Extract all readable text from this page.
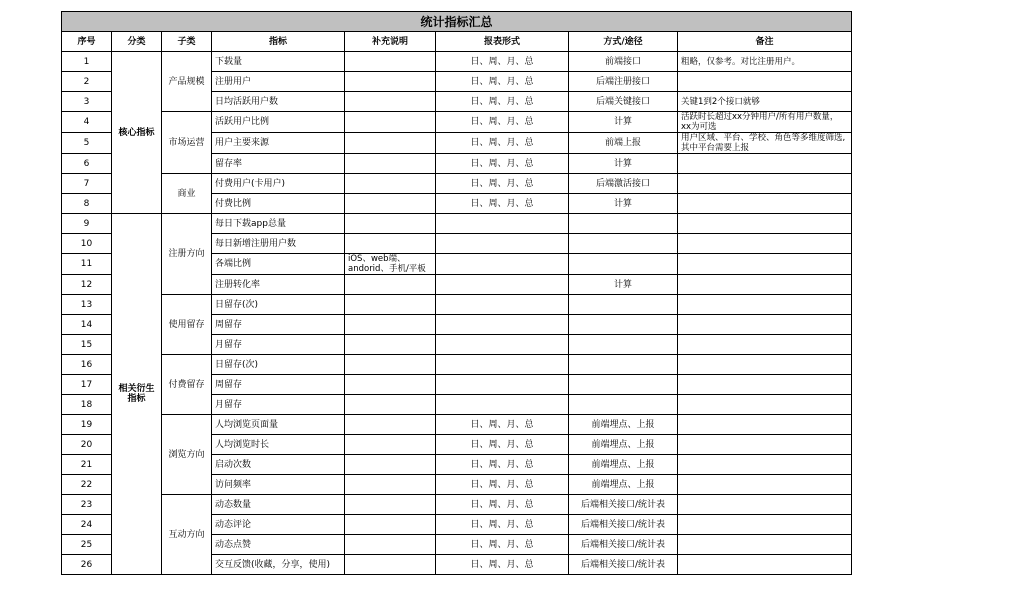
统计指标汇总							
序号	分类	子类	指标	补充说明	报表形式	方式/途径	备注
1	核心指标	产品规模	下载量		日、周、月、总	前端接口	粗略，仅参考。对比注册用户。
2			注册用户		日、周、月、总	后端注册接口	
3			日均活跃用户数		日、周、月、总	后端关键接口	关键1到2个接口就够
4		市场运营	活跃用户比例		日、周、月、总	计算	活跃时长超过xx分钟用户/所有用户数量，xx为可选
5			用户主要来源		日、周、月、总	前端上报	用户区域、平台、学校、角色等多维度筛选,其中平台需要上报
6			留存率		日、周、月、总	计算	
7		商业	付费用户(卡用户)		日、周、月、总	后端激活接口	
8			付费比例		日、周、月、总	计算	
9	相关衍生指标	注册方向	每日下载app总量				
10			每日新增注册用户数				
11			各端比例	iOS、web端、andorid、手机/平板			
12			注册转化率			计算	
13		使用留存	日留存(次)				
14			周留存				
15			月留存				
16		付费留存	日留存(次)				
17			周留存				
18			月留存				
19		浏览方向	人均浏览页面量		日、周、月、总	前端埋点、上报	
20			人均浏览时长		日、周、月、总	前端埋点、上报	
21			启动次数		日、周、月、总	前端埋点、上报	
22			访问频率		日、周、月、总	前端埋点、上报	
23		互动方向	动态数量		日、周、月、总	后端相关接口/统计表	
24			动态评论		日、周、月、总	后端相关接口/统计表	
25			动态点赞		日、周、月、总	后端相关接口/统计表	
26			交互反馈(收藏，分享，使用)		日、周、月、总	后端相关接口/统计表	
